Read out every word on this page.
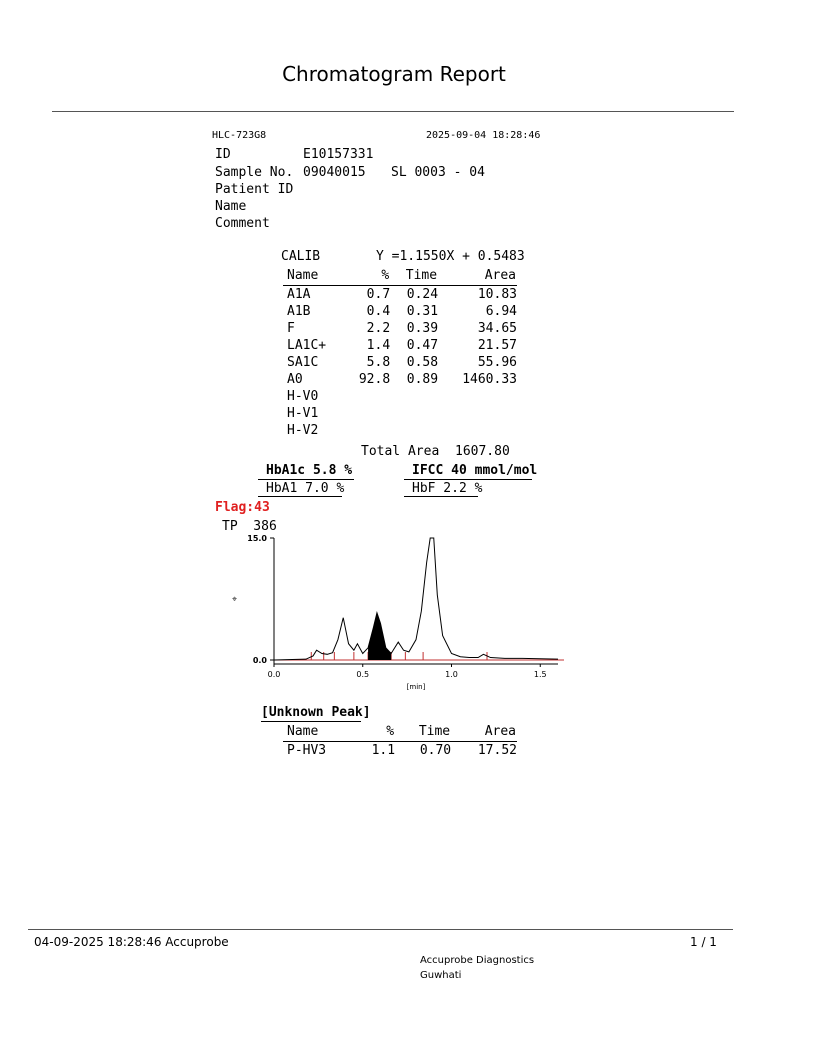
Chromatogram Report
HLC-723G8	2025-09-04 18:28:46
ID	E10157331
Sample No. 09040015 SL 0003 - 04
Patient ID
Name
Comment
CALIB	Y =1.1550X + 0.5483
Name	%	Time	Area
A1A	0.7	0.24	10.83
A1B	0.4	0.31	6.94
F	2.2	0.39	34.65
LA1C+	1.4	0.47	21.57
SA1C	5.8	0.58	55.96
A0	92.8	0.89	1460.33
H-V0			
H-V1			
H-V2			
Total Area 1607.80
HbA1c 5.8 %	IFCC 40 mmol/mol
HbA1 7.0 %	HbF 2.2 %
Flag:43
TP  386
0.0
15.0
0.0	0.5	1.0	1.5
[min]
⌖
[Unknown Peak]
Name	%	Time	Area
P-HV3	1.1	0.70	17.52
04-09-2025 18:28:46 Accuprobe	1 / 1
Accuprobe Diagnostics
Guwhati
